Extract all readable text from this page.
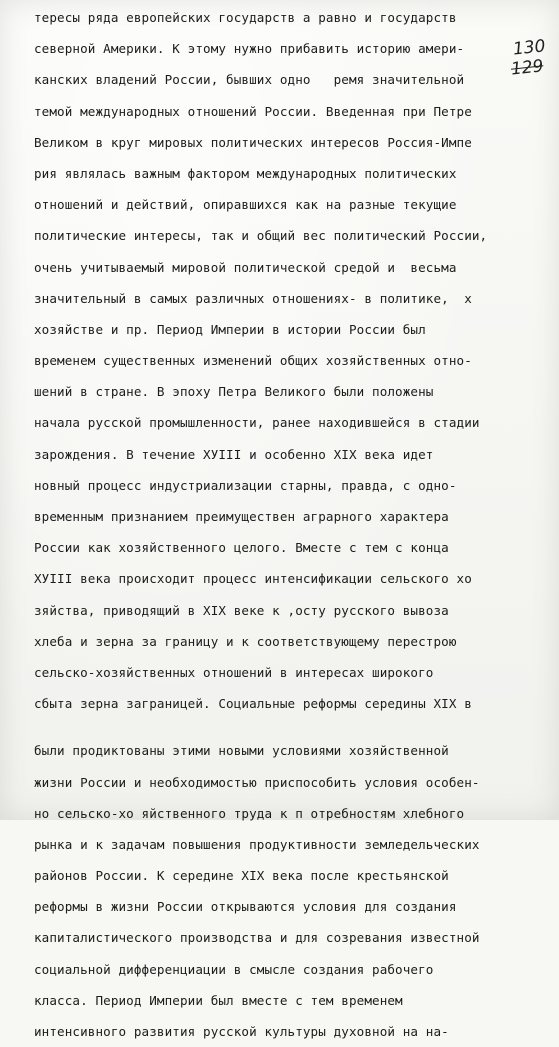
130
129
тересы ряда европейских государств а равно и государств
северной Америки. К этому нужно прибавить историю амери-
канских владений России, бывших одно   ремя значительной
темой международных отношений России. Введенная при Петре
Великом в круг мировых политических интересов Россия-Импе
рия являлась важным фактором международных политических
отношений и действий, опиравшихся как на разные текущие
политические интересы, так и общий вес политический России,
очень учитываемый мировой политической средой и  весьма
значительный в самых различных отношениях- в политике,  х
хозяйстве и пр. Период Империи в истории России был
временем существенных изменений общих хозяйственных отно-
шений в стране. В эпоху Петра Великого были положены
начала русской промышленности, ранее находившейся в стадии
зарождения. В течение ХУIII и особенно XIX века идет
новный процесс индустриализации старны, правда, с одно-
временным признанием преимуществен аграрного характера
России как хозяйственного целого. Вместе с тем с конца
ХУIII века происходит процесс интенсификации сельского хо
зяйства, приводящий в XIX веке к ,осту русского вывоза
хлеба и зерна за границу и к соответствующему перестрою
сельско-хозяйственных отношений в интересах широкого
сбыта зерна заграницей. Социальные реформы середины XIX в
были продиктованы этими новыми условиями хозяйственной
жизни России и необходимостью приспособить условия особен-
но сельско-хо яйственного труда к п отребностям хлебного
рынка и к задачам повышения продуктивности земледельческих
районов России. К середине XIX века после крестьянской
реформы в жизни России открываются условия для создания
капиталистического производства и для созревания известной
социальной дифференциации в смысле создания рабочего
класса. Период Империи был вместе с тем временем
интенсивного развития русской культуры духовной на на-
